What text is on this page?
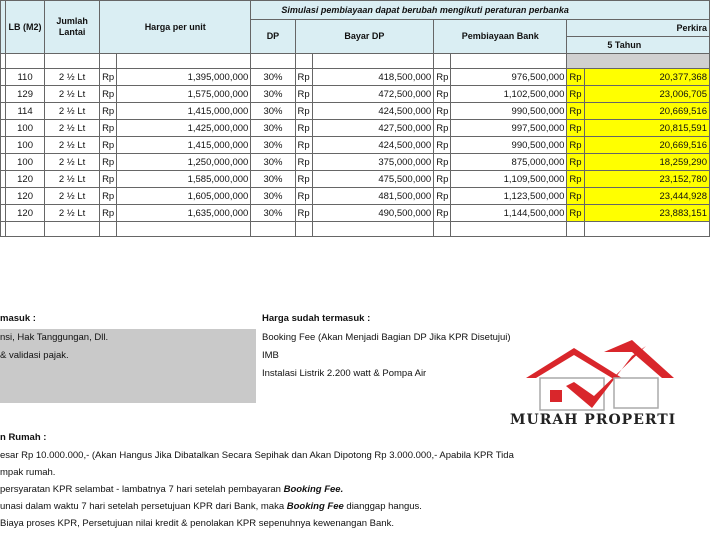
	LB (M2)	Jumlah Lantai	Harga per unit		Simulasi pembiayaan dapat berubah mengikuti peraturan perbanka						
					DP	Bayar DP		Pembiayaan Bank		Perkira	
										5 Tahun	

	110	2 ½ Lt	Rp	1,395,000,000	30%	Rp	418,500,000	Rp	976,500,000	Rp	20,377,368
	129	2 ½ Lt	Rp	1,575,000,000	30%	Rp	472,500,000	Rp	1,102,500,000	Rp	23,006,705
	114	2 ½ Lt	Rp	1,415,000,000	30%	Rp	424,500,000	Rp	990,500,000	Rp	20,669,516
	100	2 ½ Lt	Rp	1,425,000,000	30%	Rp	427,500,000	Rp	997,500,000	Rp	20,815,591
	100	2 ½ Lt	Rp	1,415,000,000	30%	Rp	424,500,000	Rp	990,500,000	Rp	20,669,516
	100	2 ½ Lt	Rp	1,250,000,000	30%	Rp	375,000,000	Rp	875,000,000	Rp	18,259,290
	120	2 ½ Lt	Rp	1,585,000,000	30%	Rp	475,500,000	Rp	1,109,500,000	Rp	23,152,780
	120	2 ½ Lt	Rp	1,605,000,000	30%	Rp	481,500,000	Rp	1,123,500,000	Rp	23,444,928
	120	2 ½ Lt	Rp	1,635,000,000	30%	Rp	490,500,000	Rp	1,144,500,000	Rp	23,883,151

masuk :
nsi, Hak Tanggungan, Dll.
& validasi pajak.
Harga sudah termasuk :
Booking Fee (Akan Menjadi Bagian DP Jika KPR Disetujui)
IMB
Instalasi Listrik 2.200 watt & Pompa Air
MURAH PROPERTI
n Rumah :
esar Rp 10.000.000,- (Akan Hangus Jika Dibatalkan Secara Sepihak dan Akan Dipotong Rp 3.000.000,- Apabila KPR Tida
mpak rumah.
persyaratan KPR selambat - lambatnya 7 hari setelah pembayaran Booking Fee.
unasi dalam waktu 7 hari setelah persetujuan KPR dari Bank, maka Booking Fee dianggap hangus.
Biaya proses KPR, Persetujuan nilai kredit & penolakan KPR sepenuhnya kewenangan Bank.
